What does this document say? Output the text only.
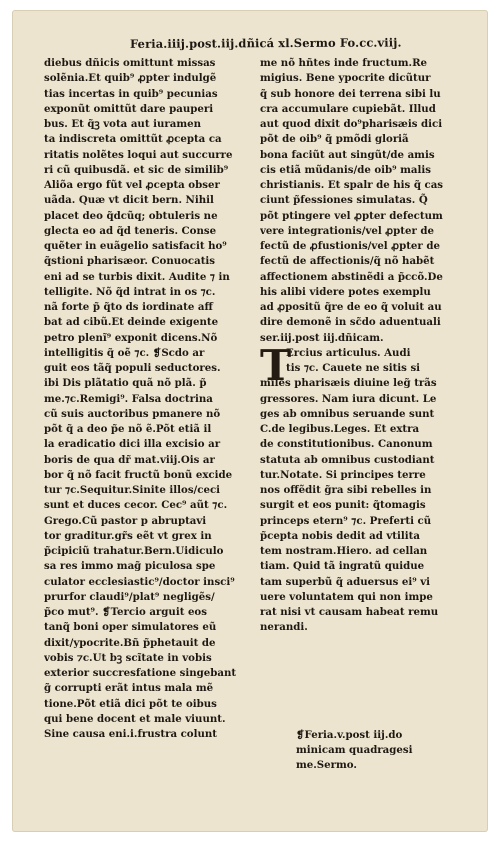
Feria.iiij.post.iij.dñicá xl.Sermo Fo.cc.viij.
diebus dñicis omittunt missas
solẽnia.Et quib⁹ ꝓpter indulgẽ
tias incertas in quib⁹ pecunias
exponũt omittũt dare pauperi
bus. Et q̃ꝫ vota aut iuramen
ta indiscreta omittũt ꝓcepta ca
ritatis nolẽtes loqui aut succurre
ri cũ quibusdã. et sic de similib⁹
Aliõa ergo fũt vel ꝓcepta obser
uãda. Quæ vt dicit bern. Nihil
placet deo q̃dcũq; obtuleris ne
glecta eo ad q̃d teneris. Conse
quẽter in euãgelio satisfacit ho⁹
q̃stioni pharisæor. Conuocatis
eni ad se turbis dixit. Audite ⁊ in
telligite. Nõ q̃d intrat in os ⁊c.
nã forte p̃ q̃to ds iordinate aff
bat ad cibũ.Et deinde exigente
petro plenĩ⁹ exponit dicens.Nõ
intelligitis q̃ oẽ ⁊c. ❡Scdo ar
guit eos tãq̃ populi seductores.
ibi Dis plãtatio quã nõ plã. p̃
me.⁊c.Remigi⁹. Falsa doctrina
cũ suis auctoribus pmanere nõ
põt q̃ a deo p̃e nõ ẽ.Põt etiã il
la eradicatio dici illa excisio ar
boris de qua dr̃ mat.viij.Ois ar
bor q̃ nõ facit fructũ bonũ excide
tur ⁊c.Sequitur.Sinite illos/ceci
sunt et duces cecor. Cec⁹ aũt ⁊c.
Grego.Cũ pastor p abruptavi
tor graditur.gr̃s eẽt vt grex in
p̃cipiciũ trahatur.Bern.Uidiculo
sa res immo mag̃ piculosa spe
culator ecclesiastic⁹/doctor insci⁹
prurfor claudi⁹/plat⁹ negligẽs/
p̃co mut⁹. ❡Tercio arguit eos
tanq̃ boni oper simulatores eũ
dixit/ypocrite.Bñ p̃phetauit de
vobis ⁊c.Ut bꝫ scĩtate in vobis
exterior succresfatione singebant
g̃ corrupti erãt intus mala mẽ
tione.Põt etiã dici põt te oibus
qui bene docent et male viuunt.
Sine causa eni.i.frustra colunt
me nõ hñtes inde fructum.Re
migius. Bene ypocrite dicũtur
q̃ sub honore dei terrena sibi lu
cra accumulare cupiebãt. Illud
aut quod dixit do⁹pharisæis dici
põt de oib⁹ q̃ pmõdi gloriã
bona faciũt aut singũt/de amis
cis etiã mũdanis/de oib⁹ malis
christianis. Et spalr de his q̃ cas
ciunt p̃fessiones simulatas. Q̃
põt ptingere vel ꝓpter defectum
vere integrationis/vel ꝓpter de
fectũ de ꝓfustionis/vel ꝓpter de
fectũ de affectionis/q̃ nõ habẽt
affectionem abstinẽdi a p̃ccõ.De
his alibi videre potes exemplu
ad ꝓpositũ q̃re de eo q̃ voluit au
dire demonẽ in sc̃do aduentuali
ser.iij.post iij.dñicam.
T
Ercius articulus. Audi
tis ⁊c. Cauete ne sitis si
miles pharisæis diuine leg̃ trãs
gressores. Nam iura dicunt. Le
ges ab omnibus seruande sunt
C.de legibus.Leges. Et extra
de constitutionibus. Canonum
statuta ab omnibus custodiant
tur.Notate. Si principes terre
nos offẽdit g̃ra sibi rebelles in
surgit et eos punit: q̃tomagis
princeps etern⁹ ⁊c. Preferti cũ
p̃cepta nobis dedit ad vtilita
tem nostram.Hiero. ad cellan
tiam. Quid tã ingratũ quidue
tam superbũ q̃ aduersus ei⁹ vi
uere voluntatem qui non impe
rat nisi vt causam habeat remu
nerandi.
❡Feria.v.post iij.do
minicam quadragesi
me.Sermo.
